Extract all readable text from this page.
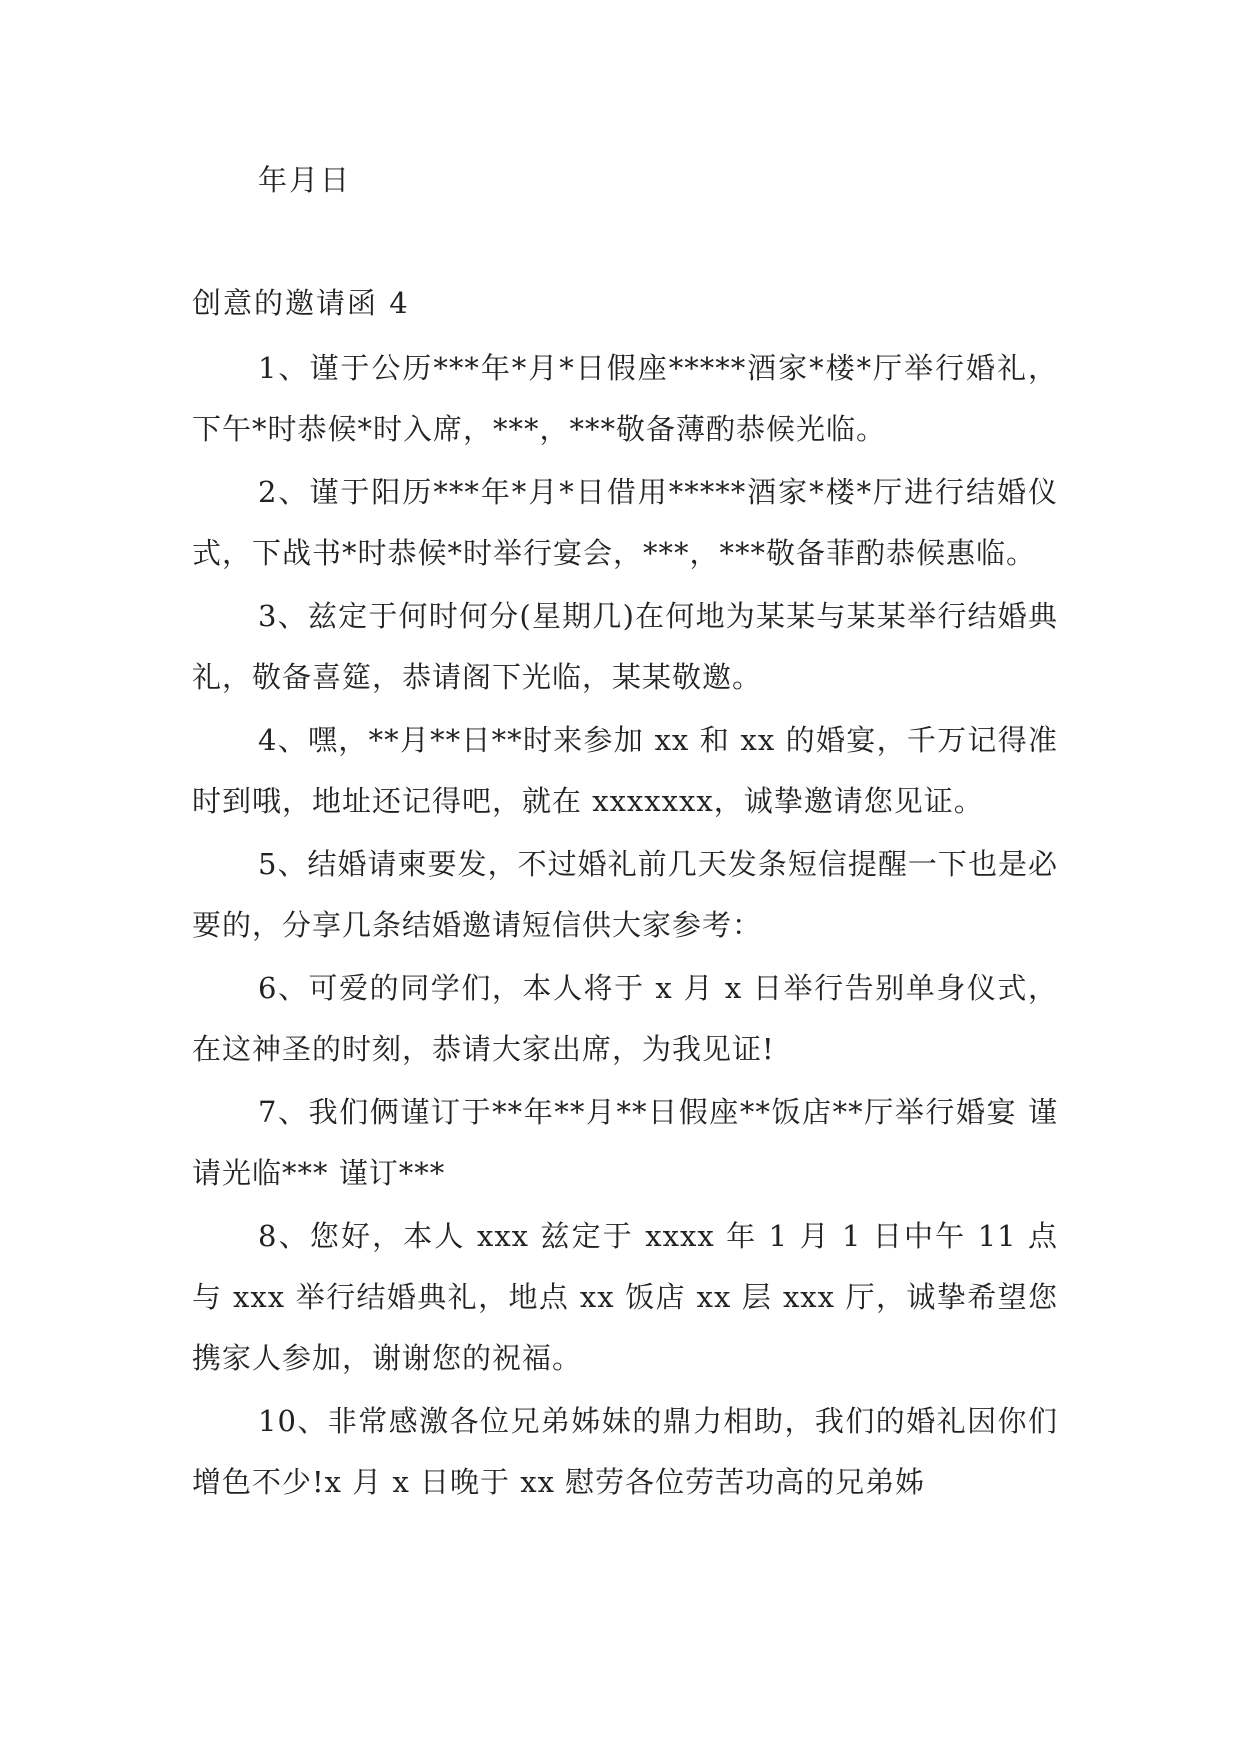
年月日
创意的邀请函 4

1、谨于公历***年*月*日假座*****酒家*楼*厅举行婚礼，下午*时恭候*时入席，***，***敬备薄酌恭候光临。

2、谨于阳历***年*月*日借用*****酒家*楼*厅进行结婚仪式，下战书*时恭候*时举行宴会，***，***敬备菲酌恭候惠临。

3、兹定于何时何分(星期几)在何地为某某与某某举行结婚典礼，敬备喜筵，恭请阁下光临，某某敬邀。

4、嘿，**月**日**时来参加 xx 和 xx 的婚宴，千万记得准时到哦，地址还记得吧，就在 xxxxxxx，诚挚邀请您见证。

5、结婚请柬要发，不过婚礼前几天发条短信提醒一下也是必要的，分享几条结婚邀请短信供大家参考：

6、可爱的同学们，本人将于 x 月 x 日举行告别单身仪式，在这神圣的时刻，恭请大家出席，为我见证!

7、我们俩谨订于**年**月**日假座**饭店**厅举行婚宴 谨请光临*** 谨订***

8、您好，本人 xxx 兹定于 xxxx 年 1 月 1 日中午 11 点与 xxx 举行结婚典礼，地点 xx 饭店 xx 层 xxx 厅，诚挚希望您携家人参加，谢谢您的祝福。

10、非常感激各位兄弟姊妹的鼎力相助，我们的婚礼因你们增色不少!x 月 x 日晚于 xx 慰劳各位劳苦功高的兄弟姊
